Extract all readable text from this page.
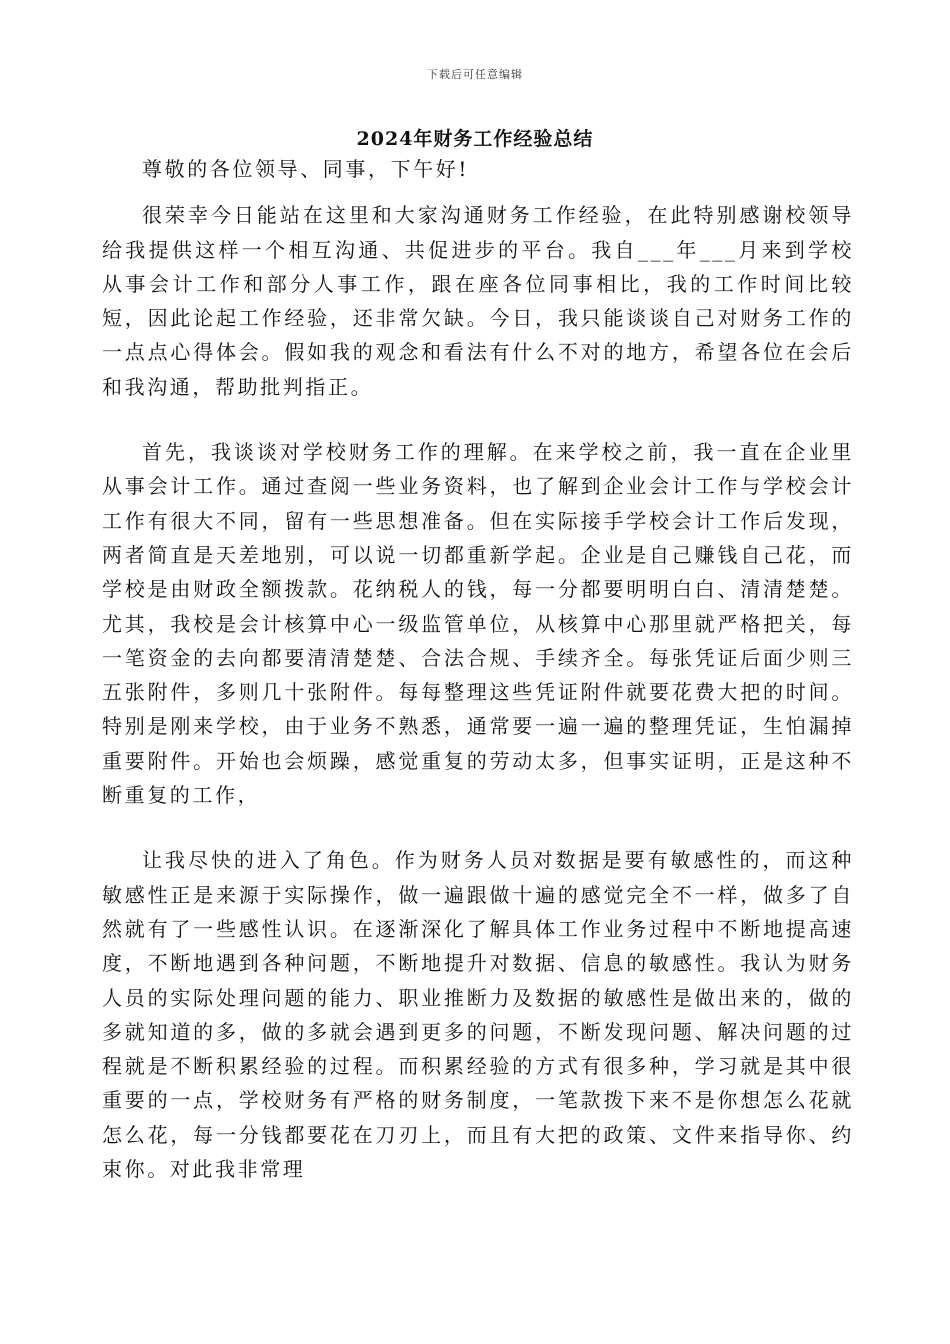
下载后可任意编辑
2024年财务工作经验总结

尊敬的各位领导、同事，下午好!

很荣幸今日能站在这里和大家沟通财务工作经验，在此特别感谢校领导给我提供这样一个相互沟通、共促进步的平台。我自___年___月来到学校从事会计工作和部分人事工作，跟在座各位同事相比，我的工作时间比较短，因此论起工作经验，还非常欠缺。今日，我只能谈谈自己对财务工作的一点点心得体会。假如我的观念和看法有什么不对的地方，希望各位在会后和我沟通，帮助批判指正。

首先，我谈谈对学校财务工作的理解。在来学校之前，我一直在企业里从事会计工作。通过查阅一些业务资料，也了解到企业会计工作与学校会计工作有很大不同，留有一些思想准备。但在实际接手学校会计工作后发现，两者简直是天差地别，可以说一切都重新学起。企业是自己赚钱自己花，而学校是由财政全额拨款。花纳税人的钱，每一分都要明明白白、清清楚楚。尤其，我校是会计核算中心一级监管单位，从核算中心那里就严格把关，每一笔资金的去向都要清清楚楚、合法合规、手续齐全。每张凭证后面少则三五张附件，多则几十张附件。每每整理这些凭证附件就要花费大把的时间。特别是刚来学校，由于业务不熟悉，通常要一遍一遍的整理凭证，生怕漏掉重要附件。开始也会烦躁，感觉重复的劳动太多，但事实证明，正是这种不断重复的工作，

让我尽快的进入了角色。作为财务人员对数据是要有敏感性的，而这种敏感性正是来源于实际操作，做一遍跟做十遍的感觉完全不一样，做多了自然就有了一些感性认识。在逐渐深化了解具体工作业务过程中不断地提高速度，不断地遇到各种问题，不断地提升对数据、信息的敏感性。我认为财务人员的实际处理问题的能力、职业推断力及数据的敏感性是做出来的，做的多就知道的多，做的多就会遇到更多的问题，不断发现问题、解决问题的过程就是不断积累经验的过程。而积累经验的方式有很多种，学习就是其中很重要的一点，学校财务有严格的财务制度，一笔款拨下来不是你想怎么花就怎么花，每一分钱都要花在刀刃上，而且有大把的政策、文件来指导你、约束你。对此我非常理
